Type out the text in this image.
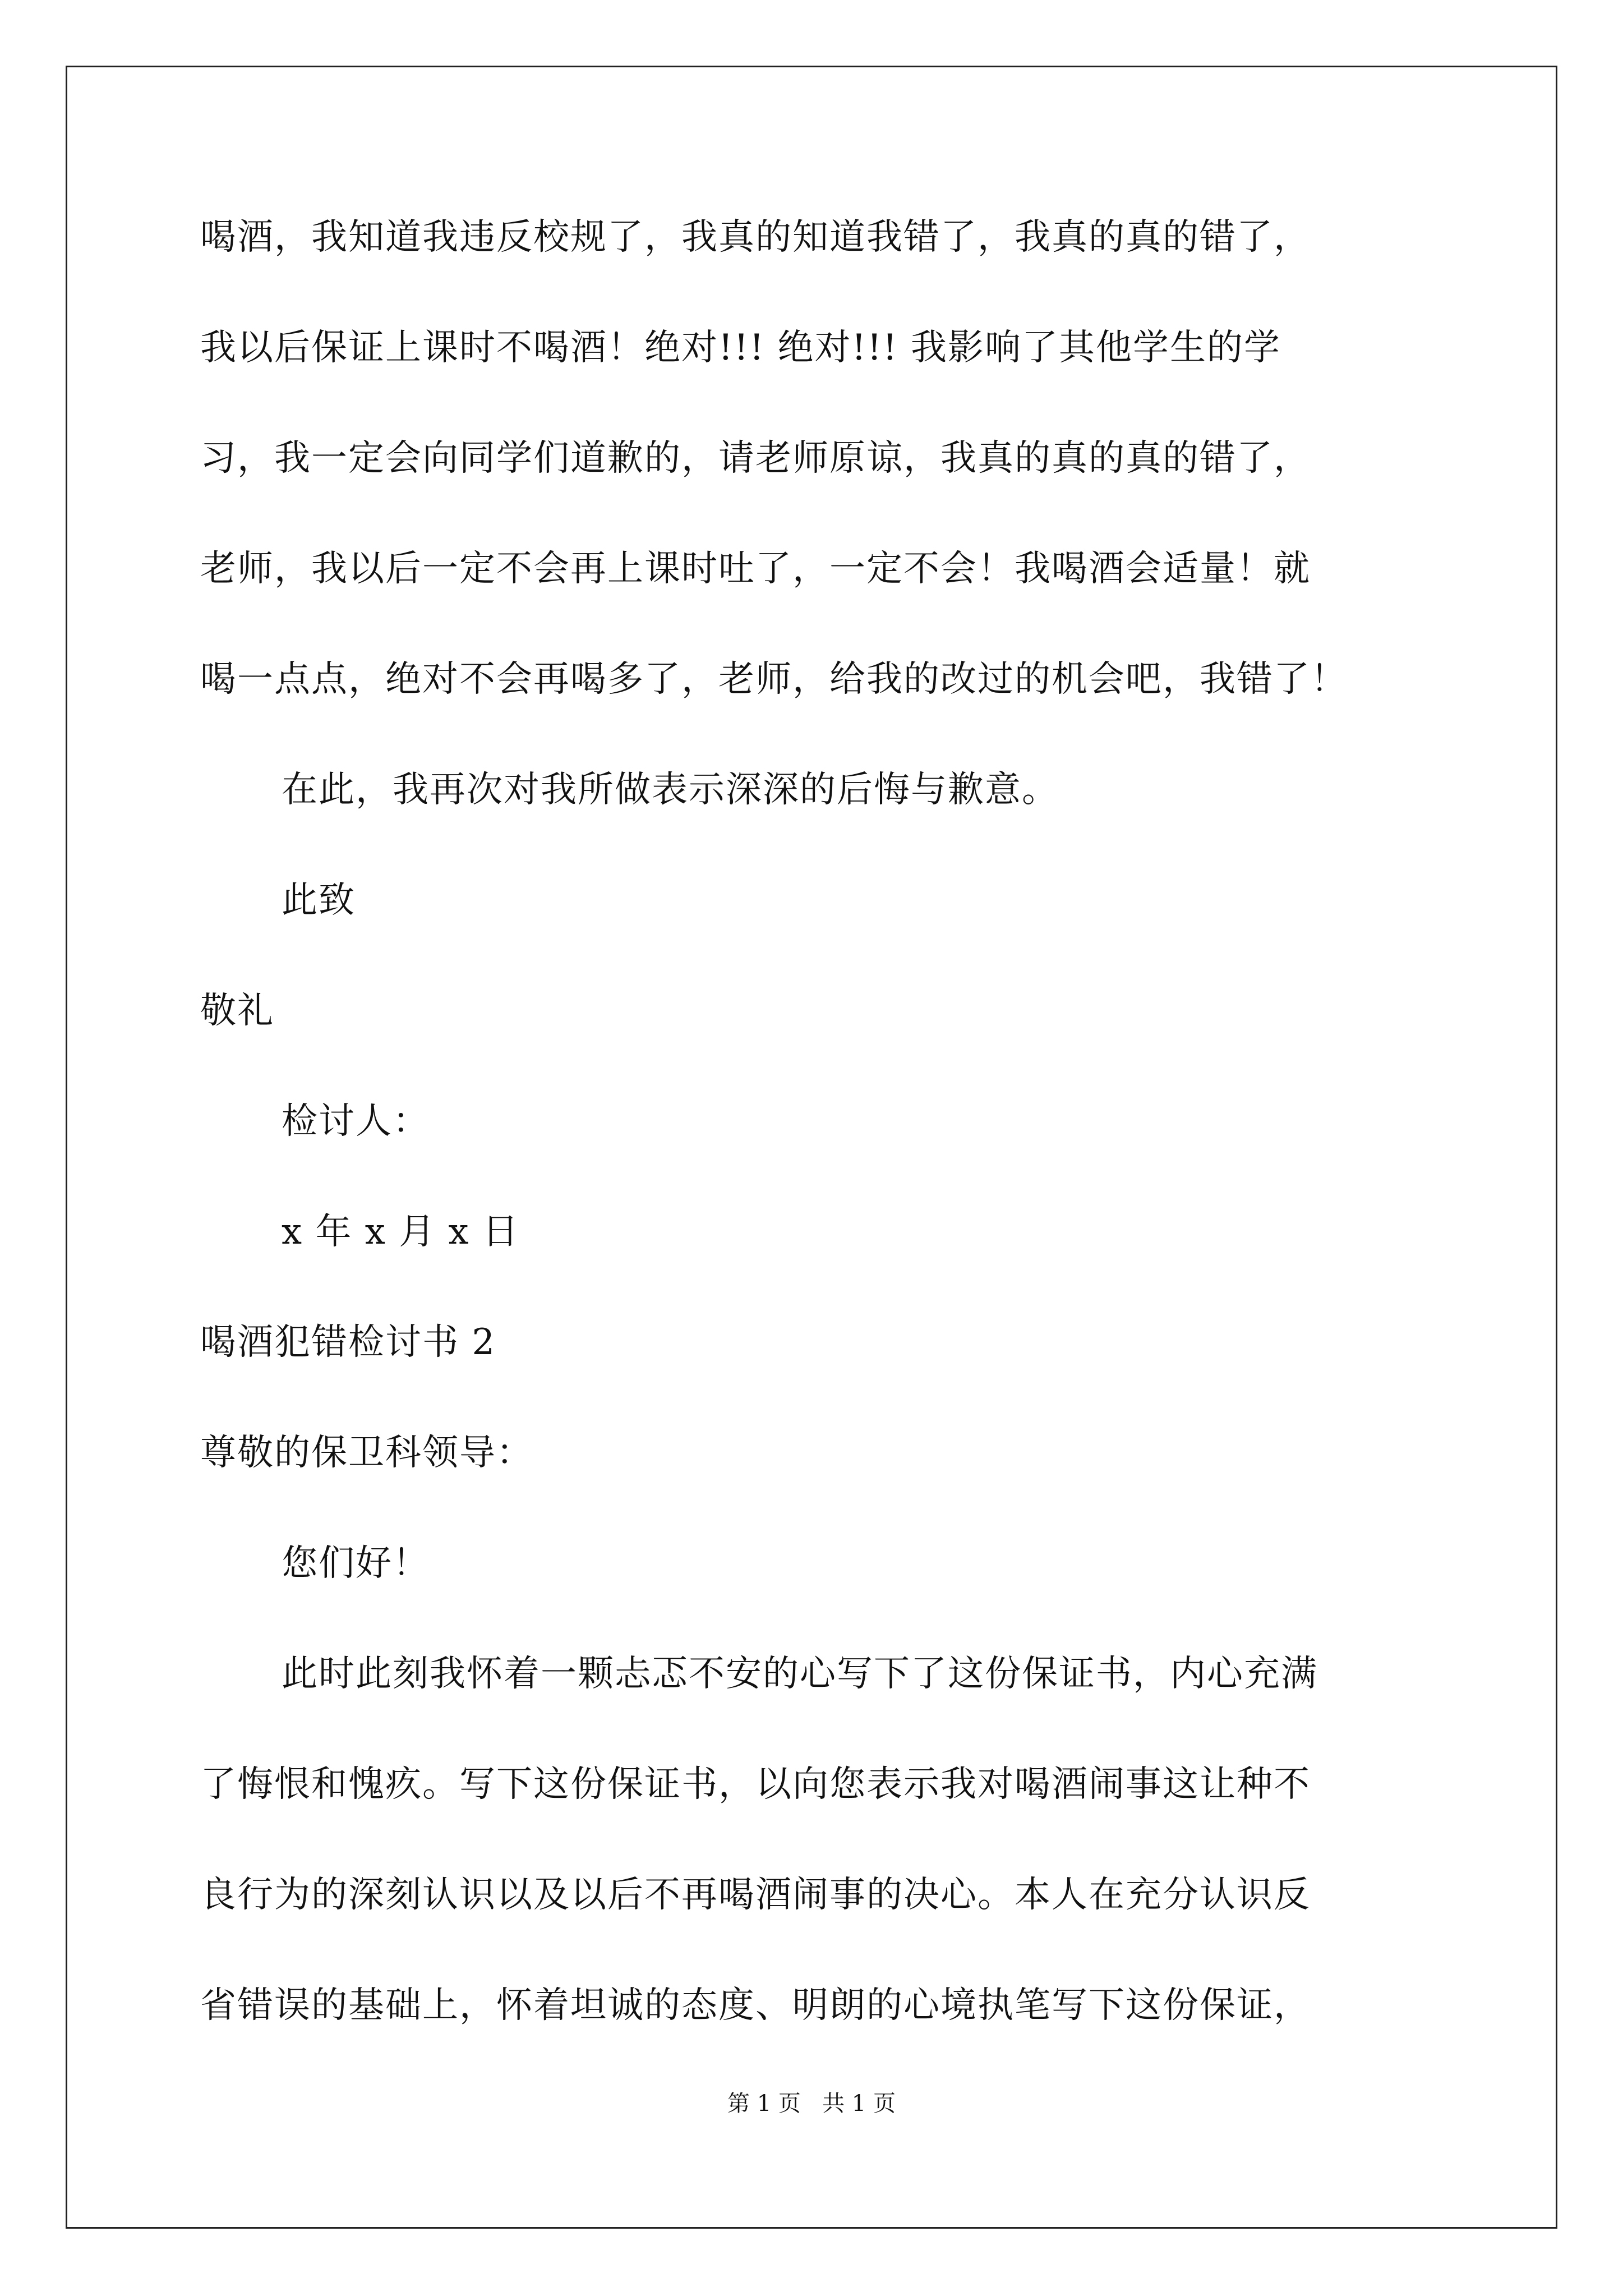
喝酒，我知道我违反校规了，我真的知道我错了，我真的真的错了，
我以后保证上课时不喝酒！绝对!!! 绝对!!! 我影响了其他学生的学
习，我一定会向同学们道歉的，请老师原谅，我真的真的真的错了，
老师，我以后一定不会再上课时吐了，一定不会！我喝酒会适量！就
喝一点点，绝对不会再喝多了，老师，给我的改过的机会吧，我错了！
在此，我再次对我所做表示深深的后悔与歉意。
此致
敬礼
检讨人：
x 年 x 月 x 日
喝酒犯错检讨书 2
尊敬的保卫科领导：
您们好！
此时此刻我怀着一颗忐忑不安的心写下了这份保证书，内心充满
了悔恨和愧疚。写下这份保证书，以向您表示我对喝酒闹事这让种不
良行为的深刻认识以及以后不再喝酒闹事的决心。本人在充分认识反
省错误的基础上，怀着坦诚的态度、明朗的心境执笔写下这份保证，
第 1 页   共 1 页
